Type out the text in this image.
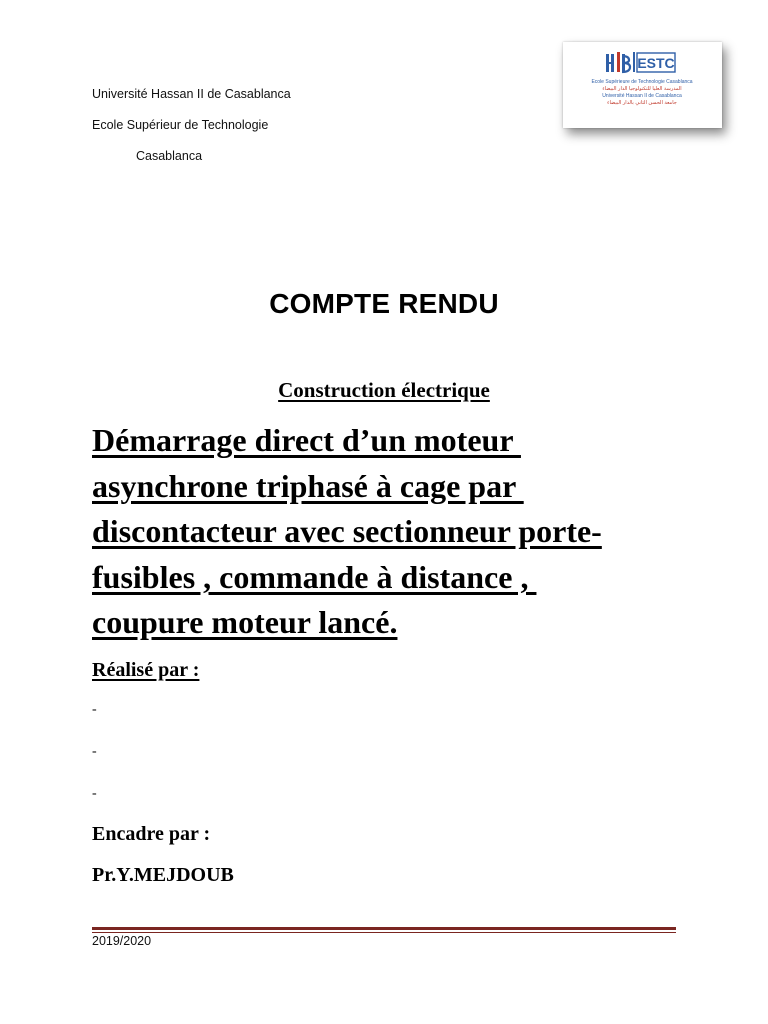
Université Hassan II de Casablanca
Ecole Supérieur de Technologie
Casablanca
ESTC
Ecole Supérieure de Technologie Casablanca
المدرسة العليا للتكنولوجيا الدار البيضاء
Université Hassan II de Casablanca
جامعة الحسن الثاني بالدار البيضاء
COMPTE RENDU
Construction électrique
Démarrage direct d’un moteur
asynchrone triphasé à cage par
discontacteur avec sectionneur porte-
fusibles , commande à distance ,
coupure moteur lancé.
Réalisé par :
-
-
-
Encadre par :
Pr.Y.MEJDOUB
2019/2020
